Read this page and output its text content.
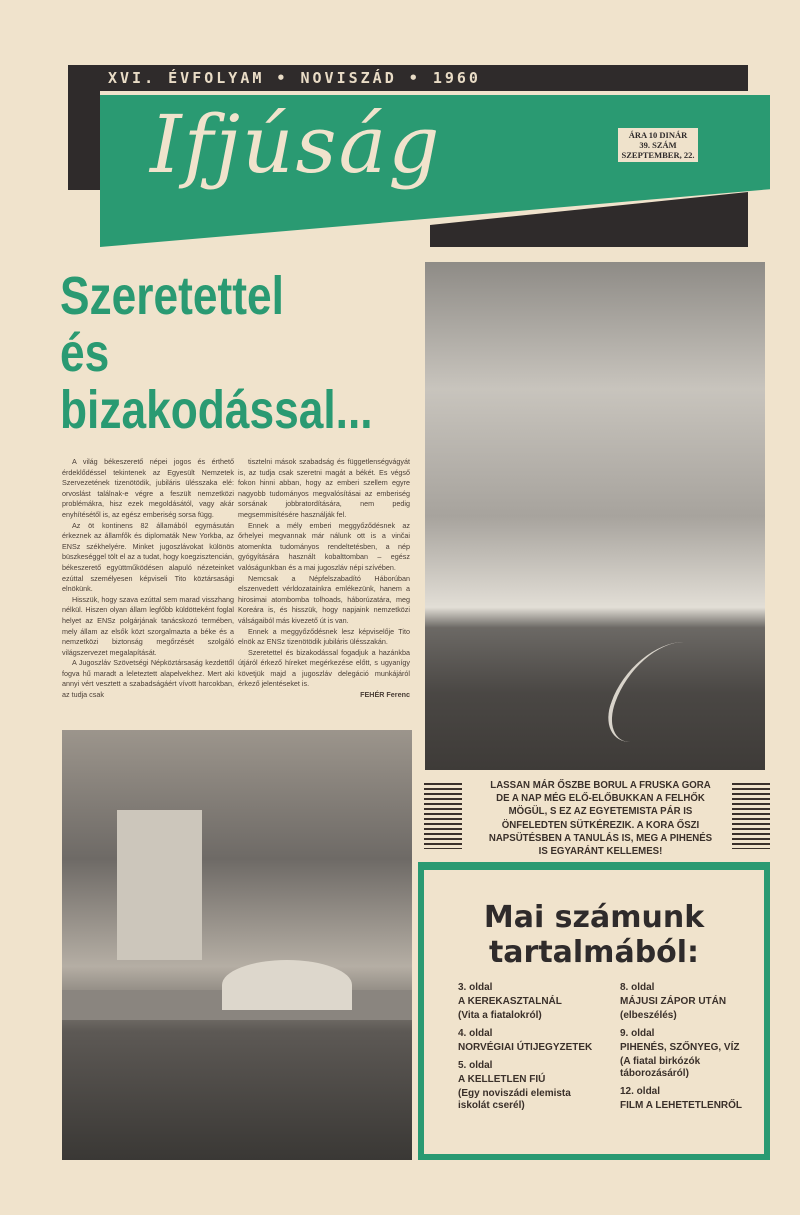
XVI. ÉVFOLYAM • NOVISZÁD • 1960
Ifjúság	ÁRA 10 DINÁR
39. SZÁM
SZEPTEMBER, 22.
Szeretettel
és
bizakodással...

A világ békeszerető népei jogos és érthető érdeklődéssel tekintenek az Egyesült Nemzetek Szervezetének tizenötödik, jubiláris ülésszaka elé: orvoslást találnak-e végre a feszült nemzetközi problémákra, hisz ezek megoldásától, vagy akár enyhítésétől is, az egész emberiség sorsa függ.

Az öt kontinens 82 államából egymásután érkeznek az államfők és diplomaták New Yorkba, az ENSz székhelyére. Minket jugoszlávokat különös büszkeséggel tölt el az a tudat, hogy koegzisztencián, békeszerető együttműködésen alapuló nézeteinket ezúttal személyesen képviseli Tito köztársasági elnökünk.

Hisszük, hogy szava ezúttal sem marad visszhang nélkül. Hiszen olyan állam legfőbb küldötteként foglal helyet az ENSz polgárjának tanácskozó termében, mely állam az elsők közt szorgalmazta a béke és a nemzetközi biztonság megőrzését szolgáló világszervezet megalapítását.

A Jugoszláv Szövetségi Népköztársaság kezdettől fogva hű maradt a leleteztett alapelvekhez. Mert aki annyi vért vesztett a szabadságáért vívott harcokban, az tudja csak

tisztelni mások szabadság és függetlenségvágyát is, az tudja csak szeretni magát a békét. Es végső fokon hinni abban, hogy az emberi szellem egyre nagyobb tudományos megvalósításai az emberiség sorsának jobbratordítására, nem pedig megsemmisítésére használják fel.

Ennek a mély emberi meggyőződésnek az őrhelyei megvannak már nálunk ott is a vinčai atomenkta tudományos rendeltetésben, a nép gyógyítására használt kobalttomban – egész valóságunkban és a mai jugoszláv népi szívében.

Nemcsak a Népfelszabadító Háborúban elszenvedett vérldozatainkra emlékezünk, hanem a hirosimai atombomba tolhoads, háborúzatára, meg Koreára is, és hisszük, hogy napjaink nemzetközi válságaiból más kivezető út is van.

Ennek a meggyőződésnek lesz képviselője Tito elnök az ENSz tizenötödik jubiláris ülésszakán.

Szeretettel és bizakodással fogadjuk a hazánkba útjáról érkező híreket megérkezése előtt, s ugyanígy követjük majd a jugoszláv delegáció munkájáról érkező jelentéseket is.

FEHÉR Ferenc
LASSAN MÁR ŐSZBE BORUL A FRUSKA GORA DE A NAP MÉG ELŐ-ELŐBUKKAN A FELHŐK MÖGÜL, S EZ AZ EGYETEMISTA PÁR IS ÖNFELEDTEN SÜTKÉREZIK. A KORA ŐSZI NAPSÜTÉSBEN A TANULÁS IS, MEG A PIHENÉS IS EGYARÁNT KELLEMES!
Mai számunk
tartalmából:
3. oldal
A KEREKASZTALNÁL
(Vita a fiatalokról)
4. oldal
NORVÉGIAI ÚTIJEGYZETEK
5. oldal
A KELLETLEN FIÚ
(Egy noviszádi elemista iskolát cserél)
8. oldal
MÁJUSI ZÁPOR UTÁN
(elbeszélés)
9. oldal
PIHENÉS, SZŐNYEG, VÍZ
(A fiatal birkózók táborozásáról)
12. oldal
FILM A LEHETETLENRŐL
